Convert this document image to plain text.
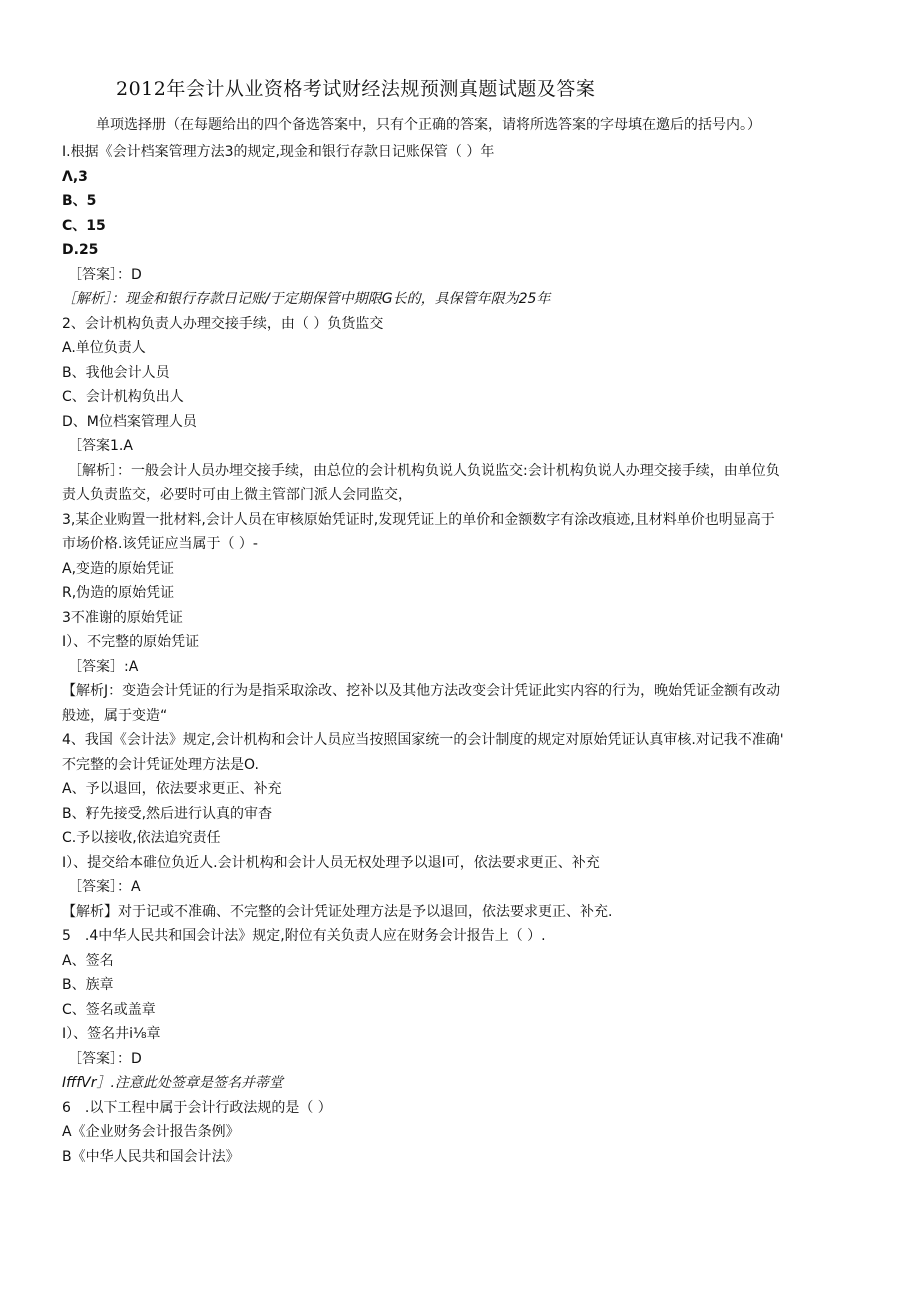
2012年会计从业资格考试财经法规预测真题试题及答案
单项选择册（在每题给出的四个备选答案中，只有个正确的答案，请将所选答案的字母填在邀后的括号内。）
I.根据《会计档案管理方法3的规定,现金和银行存款日记账保管（ ）年
Λ,3
B、5
C、15
D.25
［答案］：D
［解析］：现金和银行存款日记账/于定期保管中期限G长的，具保管年限为25年
2、会计机构负责人办理交接手续，由（ ）负货监交
A.单位负责人
B、我他会计人员
C、会计机构负出人
D、M位档案管理人员
［答案1.A
［解析］：一般会计人员办埋交接手续，由总位的会计机构负说人负说监交:会计机构负说人办理交接手续，由单位负
责人负责监交，必要时可由上微主管部门派人会同监交，
3,某企业购置一批材料,会计人员在审核原始凭证时,发现凭证上的单价和金额数字有涂改痕迹,且材料单价也明显高于
市场价格.该凭证应当属于（ ）-
A,变造的原始凭证
R,伪造的原始凭证
3不准谢的原始凭证
I）、不完整的原始凭证
［答案］:A
【解析J：变造会计凭证的行为是指采取涂改、挖补以及其他方法改变会计凭证此实内容的行为，晚始凭证金额有改动
般迹，属于变造“
4、我国《会计法》规定,会计机构和会计人员应当按照国家统一的会计制度的规定对原始凭证认真审核.对记我不准确'
不完整的会计凭证处理方法是O.
A、予以退回，依法要求更正、补充
B、籽先接受,然后进行认真的审杳
C.予以接收,依法追究责任
I）、提交给本碓位负近人.会计机构和会计人员无权处理予以退I可，依法要求更正、补充
［答案］：A
【解析】对于记或不准确、不完整的会计凭证处理方法是予以退回，依法要求更正、补充.
5　.4中华人民共和国会计法》规定,附位有关负责人应在财务会计报告上（ ）.
A、签名
B、族章
C、签名或盖章
I）、签名井i⅛章
［答案］：D
IfffVr］.注意此处签章是签名并蒂堂
6　.以下工程中属于会计行政法规的是（ ）
A《企业财务会计报告条例》
B《中华人民共和国会计法》
